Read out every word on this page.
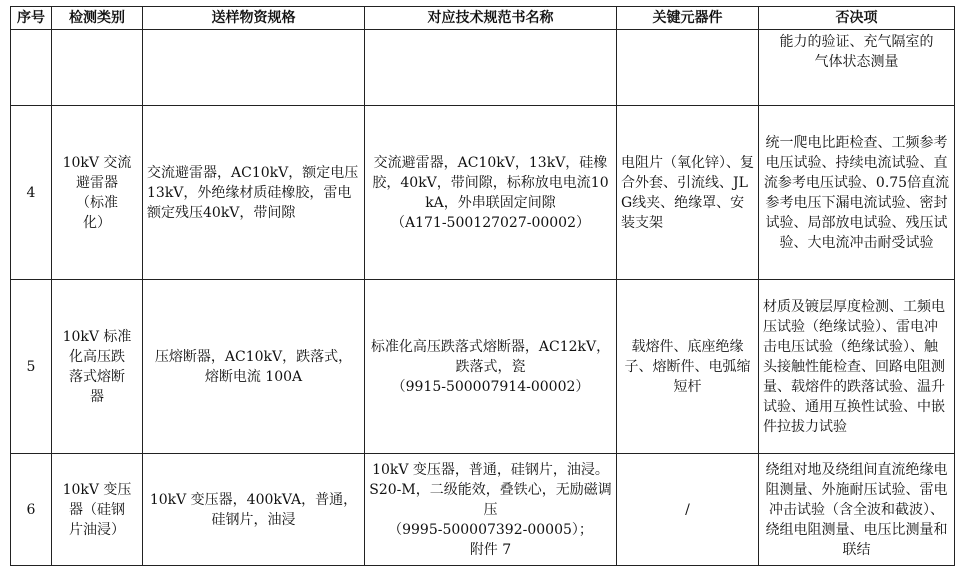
序号	检测类别	送样物资规格	对应技术规范书名称	关键元器件	否决项
					能力的验证、充气隔室的
气体状态测量
4	10kV 交流
避雷器
（标准
化）	交流避雷器，AC10kV，额定电压13kV，外绝缘材质硅橡胶，雷电额定残压40kV，带间隙	交流避雷器，AC10kV，13kV，硅橡胶，40kV，带间隙，标称放电电流10kA，外串联固定间隙
（A171-500127027-00002）	电阻片（氧化锌）、复合外套、引流线、JLG线夹、绝缘罩、安装支架	统一爬电比距检查、工频参考电压试验、持续电流试验、直流参考电压试验、0.75倍直流参考电压下漏电流试验、密封试验、局部放电试验、残压试验、大电流冲击耐受试验
5	10kV 标准
化高压跌
落式熔断
器	压熔断器，AC10kV，跌落式，
熔断电流 100A	标准化高压跌落式熔断器，AC12kV，跌落式，瓷
（9915-500007914-00002）	载熔件、底座绝缘子、熔断件、电弧缩短杆	材质及镀层厚度检测、工频电压试验（绝缘试验）、雷电冲击电压试验（绝缘试验）、触头接触性能检查、回路电阻测量、载熔件的跌落试验、温升试验、通用互换性试验、中嵌件拉拔力试验
6	10kV 变压
器（硅钢
片油浸）	10kV 变压器，400kVA，普通，
硅钢片，油浸	10kV 变压器，普通，硅钢片，油浸。S20-M，二级能效，叠铁心，无励磁调压
（9995-500007392-00005）；
附件 7	/	绕组对地及绕组间直流绝缘电阻测量、外施耐压试验、雷电冲击试验（含全波和截波）、绕组电阻测量、电压比测量和联结
